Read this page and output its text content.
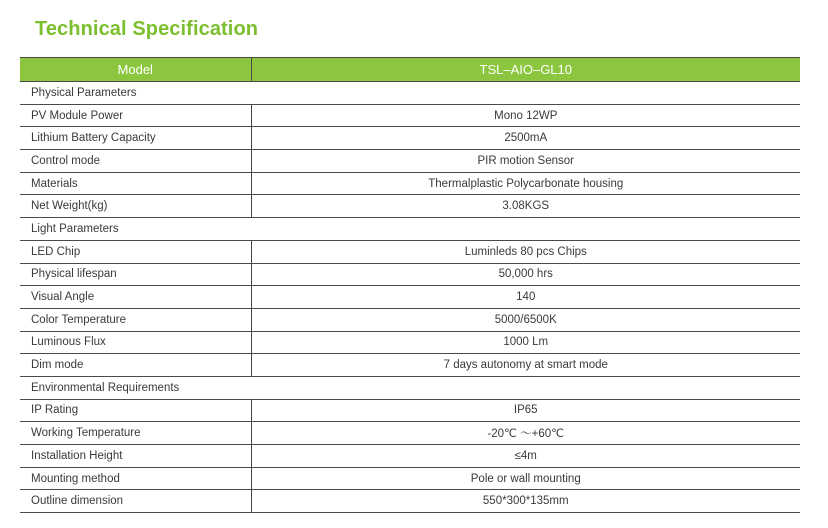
Technical Specification
Model	TSL–AIO–GL10
Physical Parameters	
PV Module Power	Mono 12WP
Lithium Battery Capacity	2500mA
Control mode	PIR motion Sensor
Materials	Thermalplastic Polycarbonate housing
Net Weight(kg)	3.08KGS
Light Parameters	
LED Chip	Luminleds 80 pcs Chips
Physical lifespan	50,000 hrs
Visual Angle	140
Color Temperature	5000/6500K
Luminous Flux	1000 Lm
Dim mode	7 days autonomy at smart mode
Environmental Requirements	
IP Rating	IP65
Working Temperature	-20℃ ～+60℃
Installation Height	≤4m
Mounting method	Pole or wall mounting
Outline dimension	550*300*135mm
